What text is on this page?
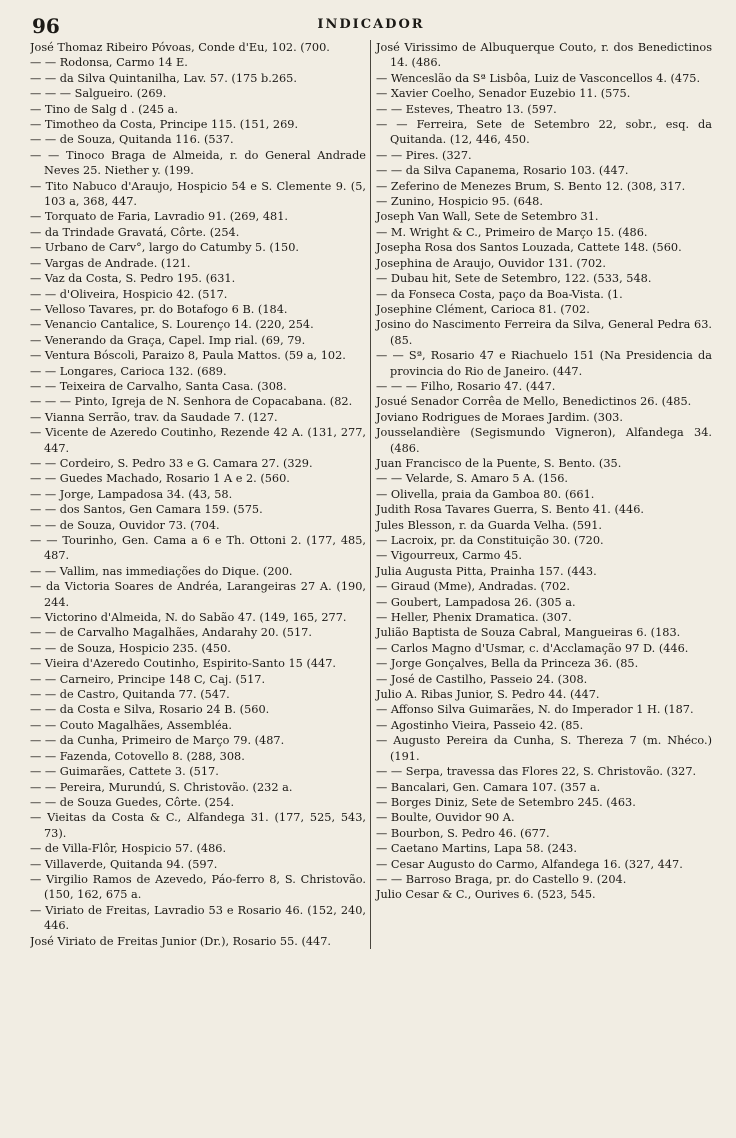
96	INDICADOR

José Thomaz Ribeiro Póvoas, Conde d'Eu, 102. (700.

— — Rodonsa, Carmo 14 E.

— — da Silva Quintanilha, Lav. 57. (175 b.265.

— — — Salgueiro. (269.

— Tino de Salg d . (245 a.

— Timotheo da Costa, Principe 115. (151, 269.

— — de Souza, Quitanda 116. (537.

— — Tinoco Braga de Almeida, r. do General Andrade Neves 25. Niether y. (199.

— Tito Nabuco d'Araujo, Hospicio 54 e S. Clemente 9. (5, 103 a, 368, 447.

— Torquato de Faria, Lavradio 91. (269, 481.

— da Trindade Gravatá, Côrte. (254.

— Urbano de Carv°, largo do Catumby 5. (150.

— Vargas de Andrade. (121.

— Vaz da Costa, S. Pedro 195. (631.

— — d'Oliveira, Hospicio 42. (517.

— Velloso Tavares, pr. do Botafogo 6 B. (184.

— Venancio Cantalice, S. Lourenço 14. (220, 254.

— Venerando da Graça, Capel. Imp rial. (69, 79.

— Ventura Bóscoli, Paraizo 8, Paula Mattos. (59 a, 102.

— — Longares, Carioca 132. (689.

— — Teixeira de Carvalho, Santa Casa. (308.

— — — Pinto, Igreja de N. Senhora de Copacabana. (82.

— Vianna Serrão, trav. da Saudade 7. (127.

— Vicente de Azeredo Coutinho, Rezende 42 A. (131, 277, 447.

— — Cordeiro, S. Pedro 33 e G. Camara 27. (329.

— — Guedes Machado, Rosario 1 A e 2. (560.

— — Jorge, Lampadosa 34. (43, 58.

— — dos Santos, Gen Camara 159. (575.

— — de Souza, Ouvidor 73. (704.

— — Tourinho, Gen. Cama a 6 e Th. Ottoni 2. (177, 485, 487.

— — Vallim, nas immediações do Dique. (200.

— da Victoria Soares de Andréa, Larangeiras 27 A. (190, 244.

— Victorino d'Almeida, N. do Sabão 47. (149, 165, 277.

— — de Carvalho Magalhães, Andarahy 20. (517.

— — de Souza, Hospicio 235. (450.

— Vieira d'Azeredo Coutinho, Espirito-Santo 15 (447.

— — Carneiro, Principe 148 C, Caj. (517.

— — de Castro, Quitanda 77. (547.

— — da Costa e Silva, Rosario 24 B. (560.

— — Couto Magalhães, Assembléa.

— — da Cunha, Primeiro de Março 79. (487.

— — Fazenda, Cotovello 8. (288, 308.

— — Guimarães, Cattete 3. (517.

— — Pereira, Murundú, S. Christovão. (232 a.

— — de Souza Guedes, Côrte. (254.

— Vieitas da Costa & C., Alfandega 31. (177, 525, 543, 73).

— de Villa-Flôr, Hospicio 57. (486.

— Villaverde, Quitanda 94. (597.

— Virgilio Ramos de Azevedo, Páo-ferro 8, S. Christovão. (150, 162, 675 a.

— Viriato de Freitas, Lavradio 53 e Rosario 46. (152, 240, 446.

José Viriato de Freitas Junior (Dr.), Rosario 55. (447.

José Virissimo de Albuquerque Couto, r. dos Benedictinos 14. (486.

— Wenceslão da Sª Lisbôa, Luiz de Vasconcellos 4. (475.

— Xavier Coelho, Senador Euzebio 11. (575.

— — Esteves, Theatro 13. (597.

— — Ferreira, Sete de Setembro 22, sobr., esq. da Quitanda. (12, 446, 450.

— — Pires. (327.

— — da Silva Capanema, Rosario 103. (447.

— Zeferino de Menezes Brum, S. Bento 12. (308, 317.

— Zunino, Hospicio 95. (648.

Joseph Van Wall, Sete de Setembro 31.

— M. Wright & C., Primeiro de Março 15. (486.

Josepha Rosa dos Santos Louzada, Cattete 148. (560.

Josephina de Araujo, Ouvidor 131. (702.

— Dubau hit, Sete de Setembro, 122. (533, 548.

— da Fonseca Costa, paço da Boa-Vista. (1.

Josephine Clément, Carioca 81. (702.

Josino do Nascimento Ferreira da Silva, General Pedra 63. (85.

— — Sª, Rosario 47 e Riachuelo 151 (Na Presidencia da provincia do Rio de Janeiro. (447.

— — — Filho, Rosario 47. (447.

Josué Senador Corrêa de Mello, Benedictinos 26. (485.

Joviano Rodrigues de Moraes Jardim. (303.

Jousselandière (Segismundo Vigneron), Alfandega 34. (486.

Juan Francisco de la Puente, S. Bento. (35.

— — Velarde, S. Amaro 5 A. (156.

— Olivella, praia da Gamboa 80. (661.

Judith Rosa Tavares Guerra, S. Bento 41. (446.

Jules Blesson, r. da Guarda Velha. (591.

— Lacroix, pr. da Constituição 30. (720.

— Vigourreux, Carmo 45.

Julia Augusta Pitta, Prainha 157. (443.

— Giraud (Mme), Andradas. (702.

— Goubert, Lampadosa 26. (305 a.

— Heller, Phenix Dramatica. (307.

Julião Baptista de Souza Cabral, Mangueiras 6. (183.

— Carlos Magno d'Usmar, c. d'Acclamação 97 D. (446.

— Jorge Gonçalves, Bella da Princeza 36. (85.

— José de Castilho, Passeio 24. (308.

Julio A. Ribas Junior, S. Pedro 44. (447.

— Affonso Silva Guimarães, N. do Imperador 1 H. (187.

— Agostinho Vieira, Passeio 42. (85.

— Augusto Pereira da Cunha, S. Thereza 7 (m. Nhéco.) (191.

— — Serpa, travessa das Flores 22, S. Christovão. (327.

— Bancalari, Gen. Camara 107. (357 a.

— Borges Diniz, Sete de Setembro 245. (463.

— Boulte, Ouvidor 90 A.

— Bourbon, S. Pedro 46. (677.

— Caetano Martins, Lapa 58. (243.

— Cesar Augusto do Carmo, Alfandega 16. (327, 447.

— — Barroso Braga, pr. do Castello 9. (204.

Julio Cesar & C., Ourives 6. (523, 545.
